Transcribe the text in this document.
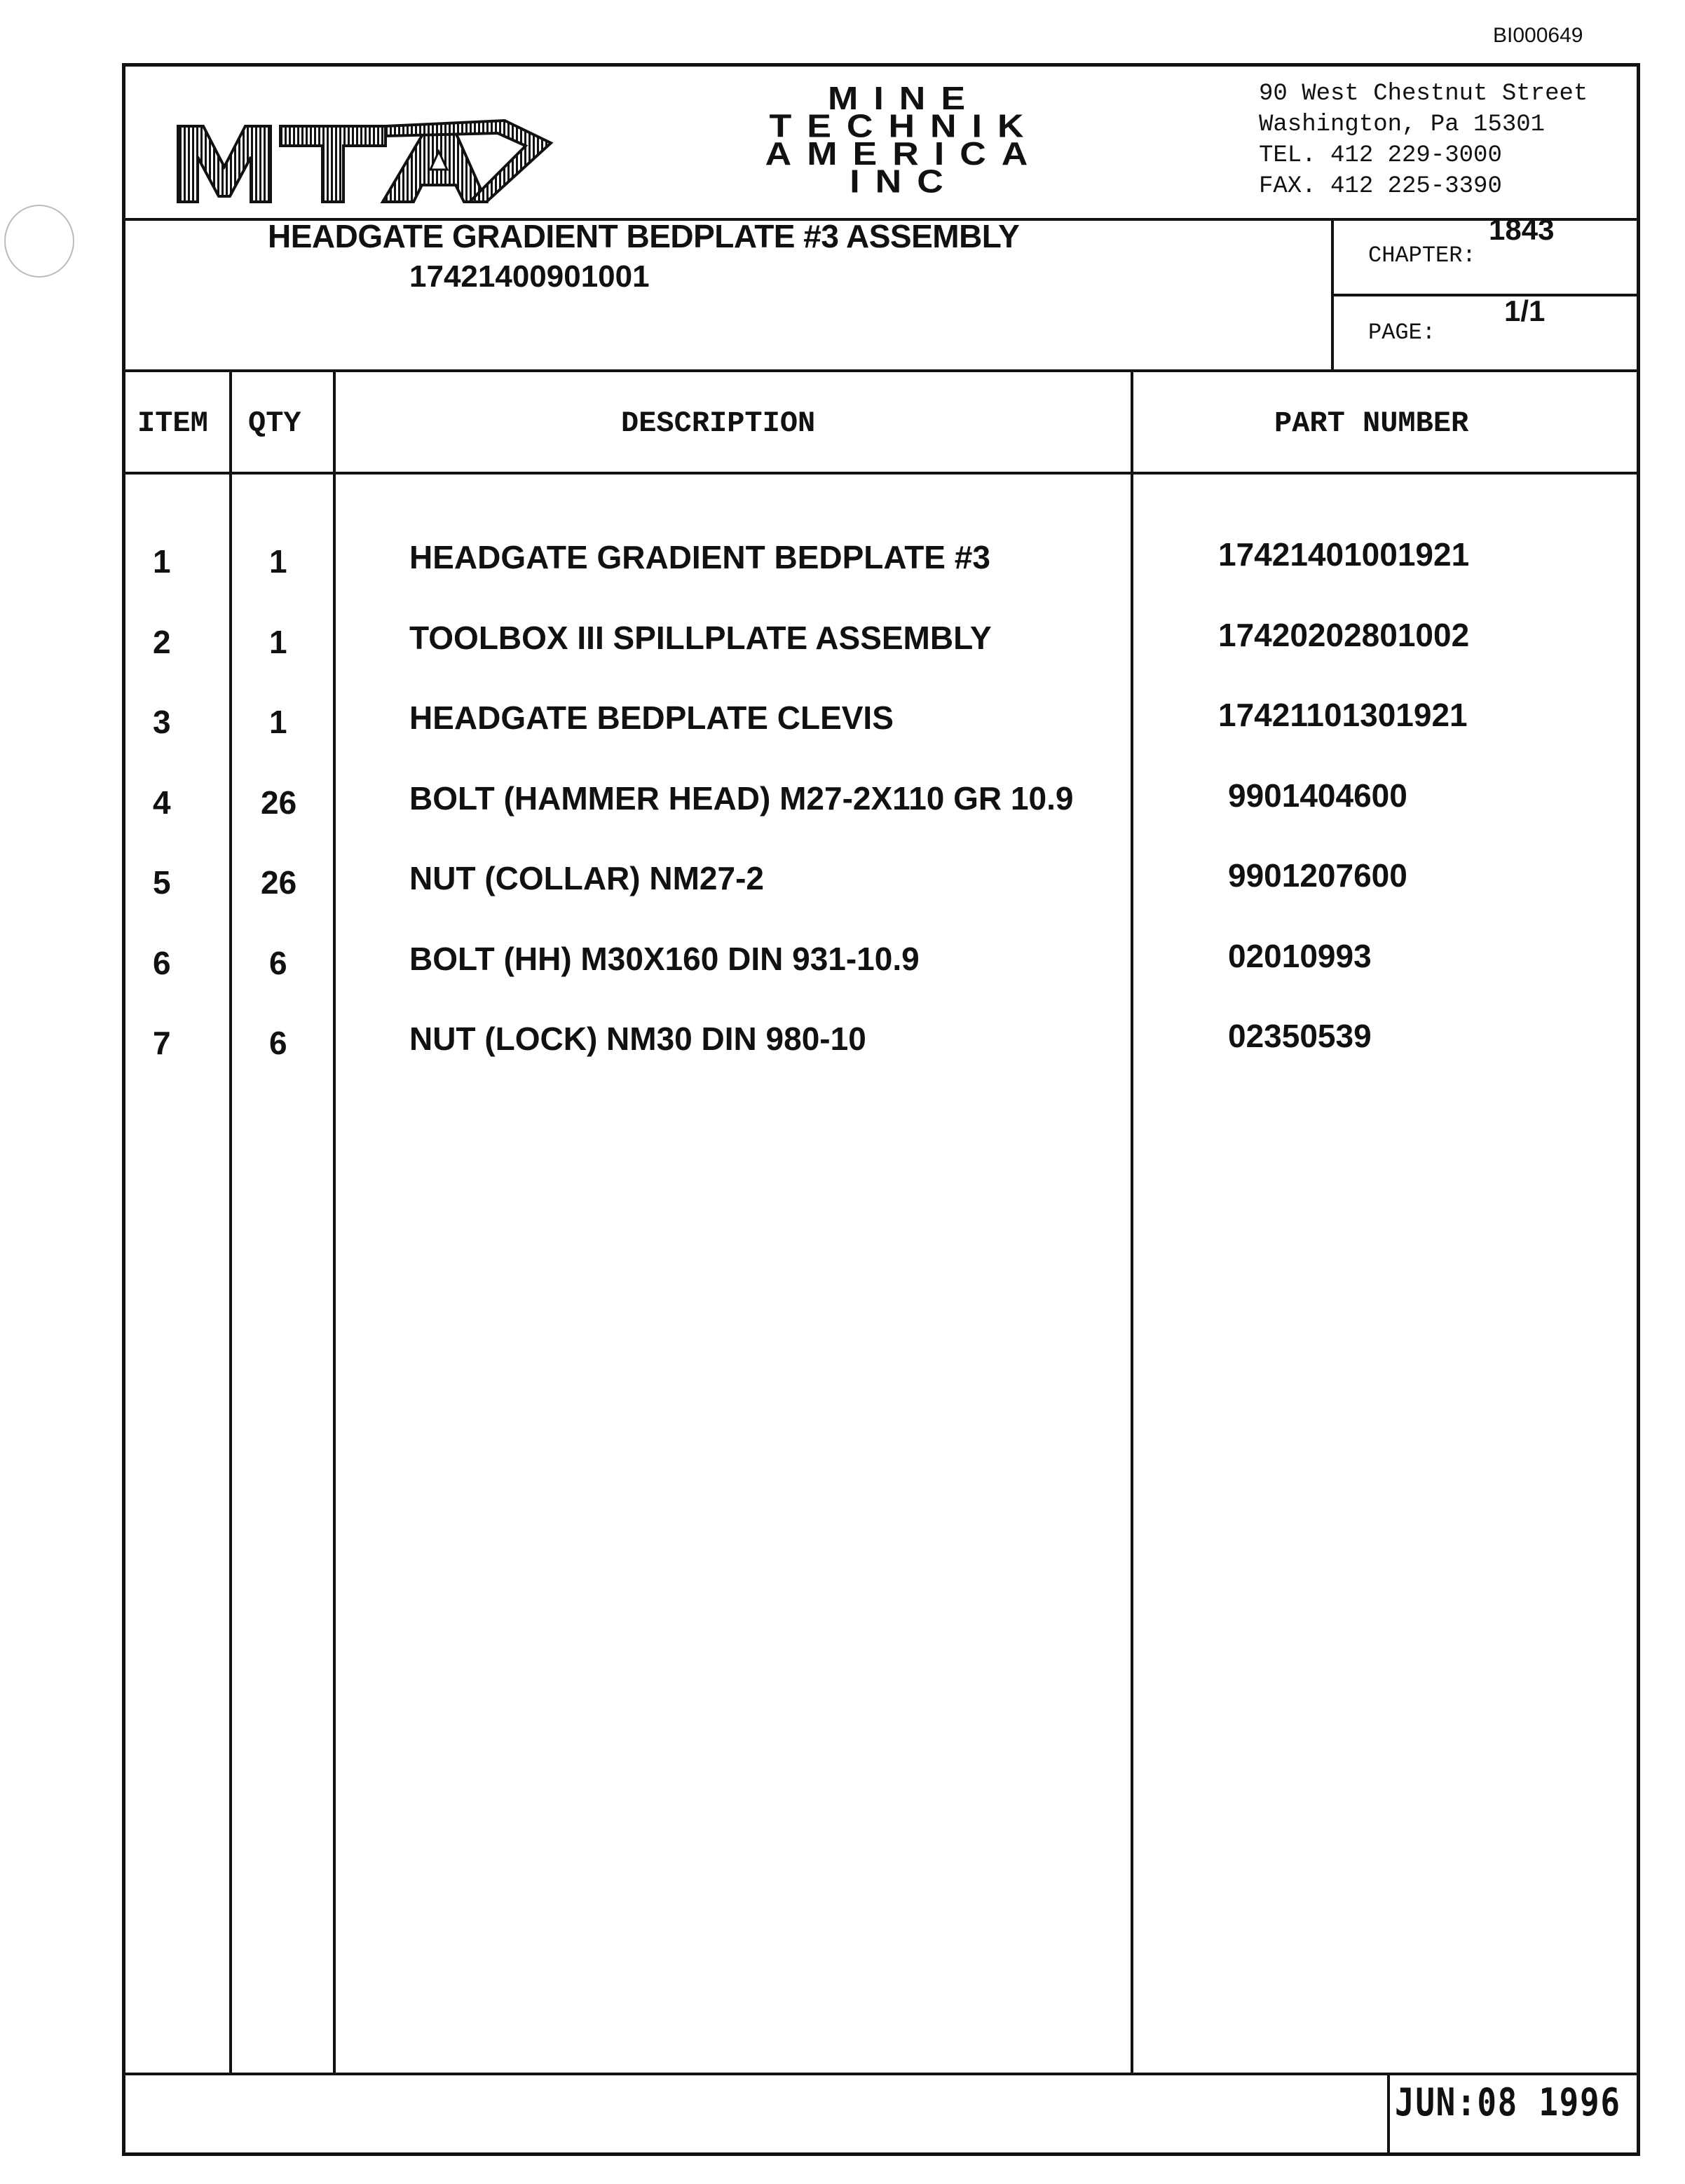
BI000649
MINE
TECHNIK
AMERICA
INC
90 West Chestnut Street
Washington, Pa 15301
TEL. 412 229-3000
FAX. 412 225-3390
HEADGATE GRADIENT BEDPLATE #3 ASSEMBLY
17421400901001
CHAPTER:
1843
PAGE:
1/1
ITEM QTY	DESCRIPTION	PART NUMBER
1	1	HEADGATE GRADIENT BEDPLATE #3	17421401001921
2	1	TOOLBOX III SPILLPLATE ASSEMBLY	17420202801002
3	1	HEADGATE BEDPLATE CLEVIS	17421101301921
4	26	BOLT (HAMMER HEAD) M27-2X110 GR 10.9	9901404600
5	26	NUT (COLLAR) NM27-2	9901207600
6	6	BOLT (HH) M30X160 DIN 931-10.9	02010993
7	6	NUT (LOCK) NM30 DIN 980-10	02350539
JUN:08 1996
